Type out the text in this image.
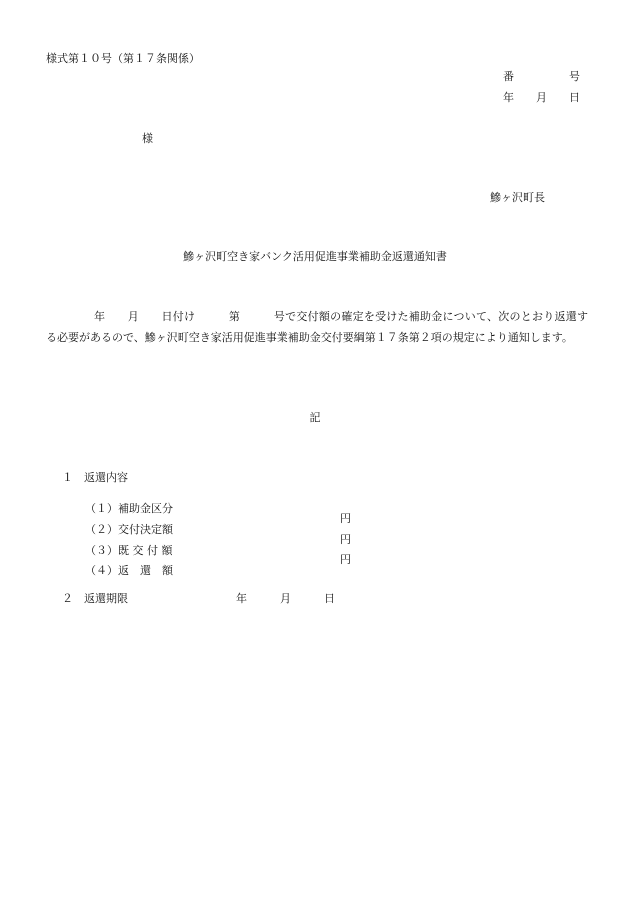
様式第１０号（第１７条関係）
番　　　　　号
年　　月　　日
様
鰺ヶ沢町長
鰺ヶ沢町空き家バンク活用促進事業補助金返還通知書
年　　月　　日付け　　　第　　　号で交付額の確定を受けた補助金について、次のとおり返還する必要があるので、鰺ヶ沢町空き家活用促進事業補助金交付要綱第１７条第２項の規定により通知します。
記
１　返還内容

（１）補助金区分

（２）交付決定額

円

（３）既 交 付 額

円

（４）返　還　額

円

２　返還期限	年　　　月　　　日
